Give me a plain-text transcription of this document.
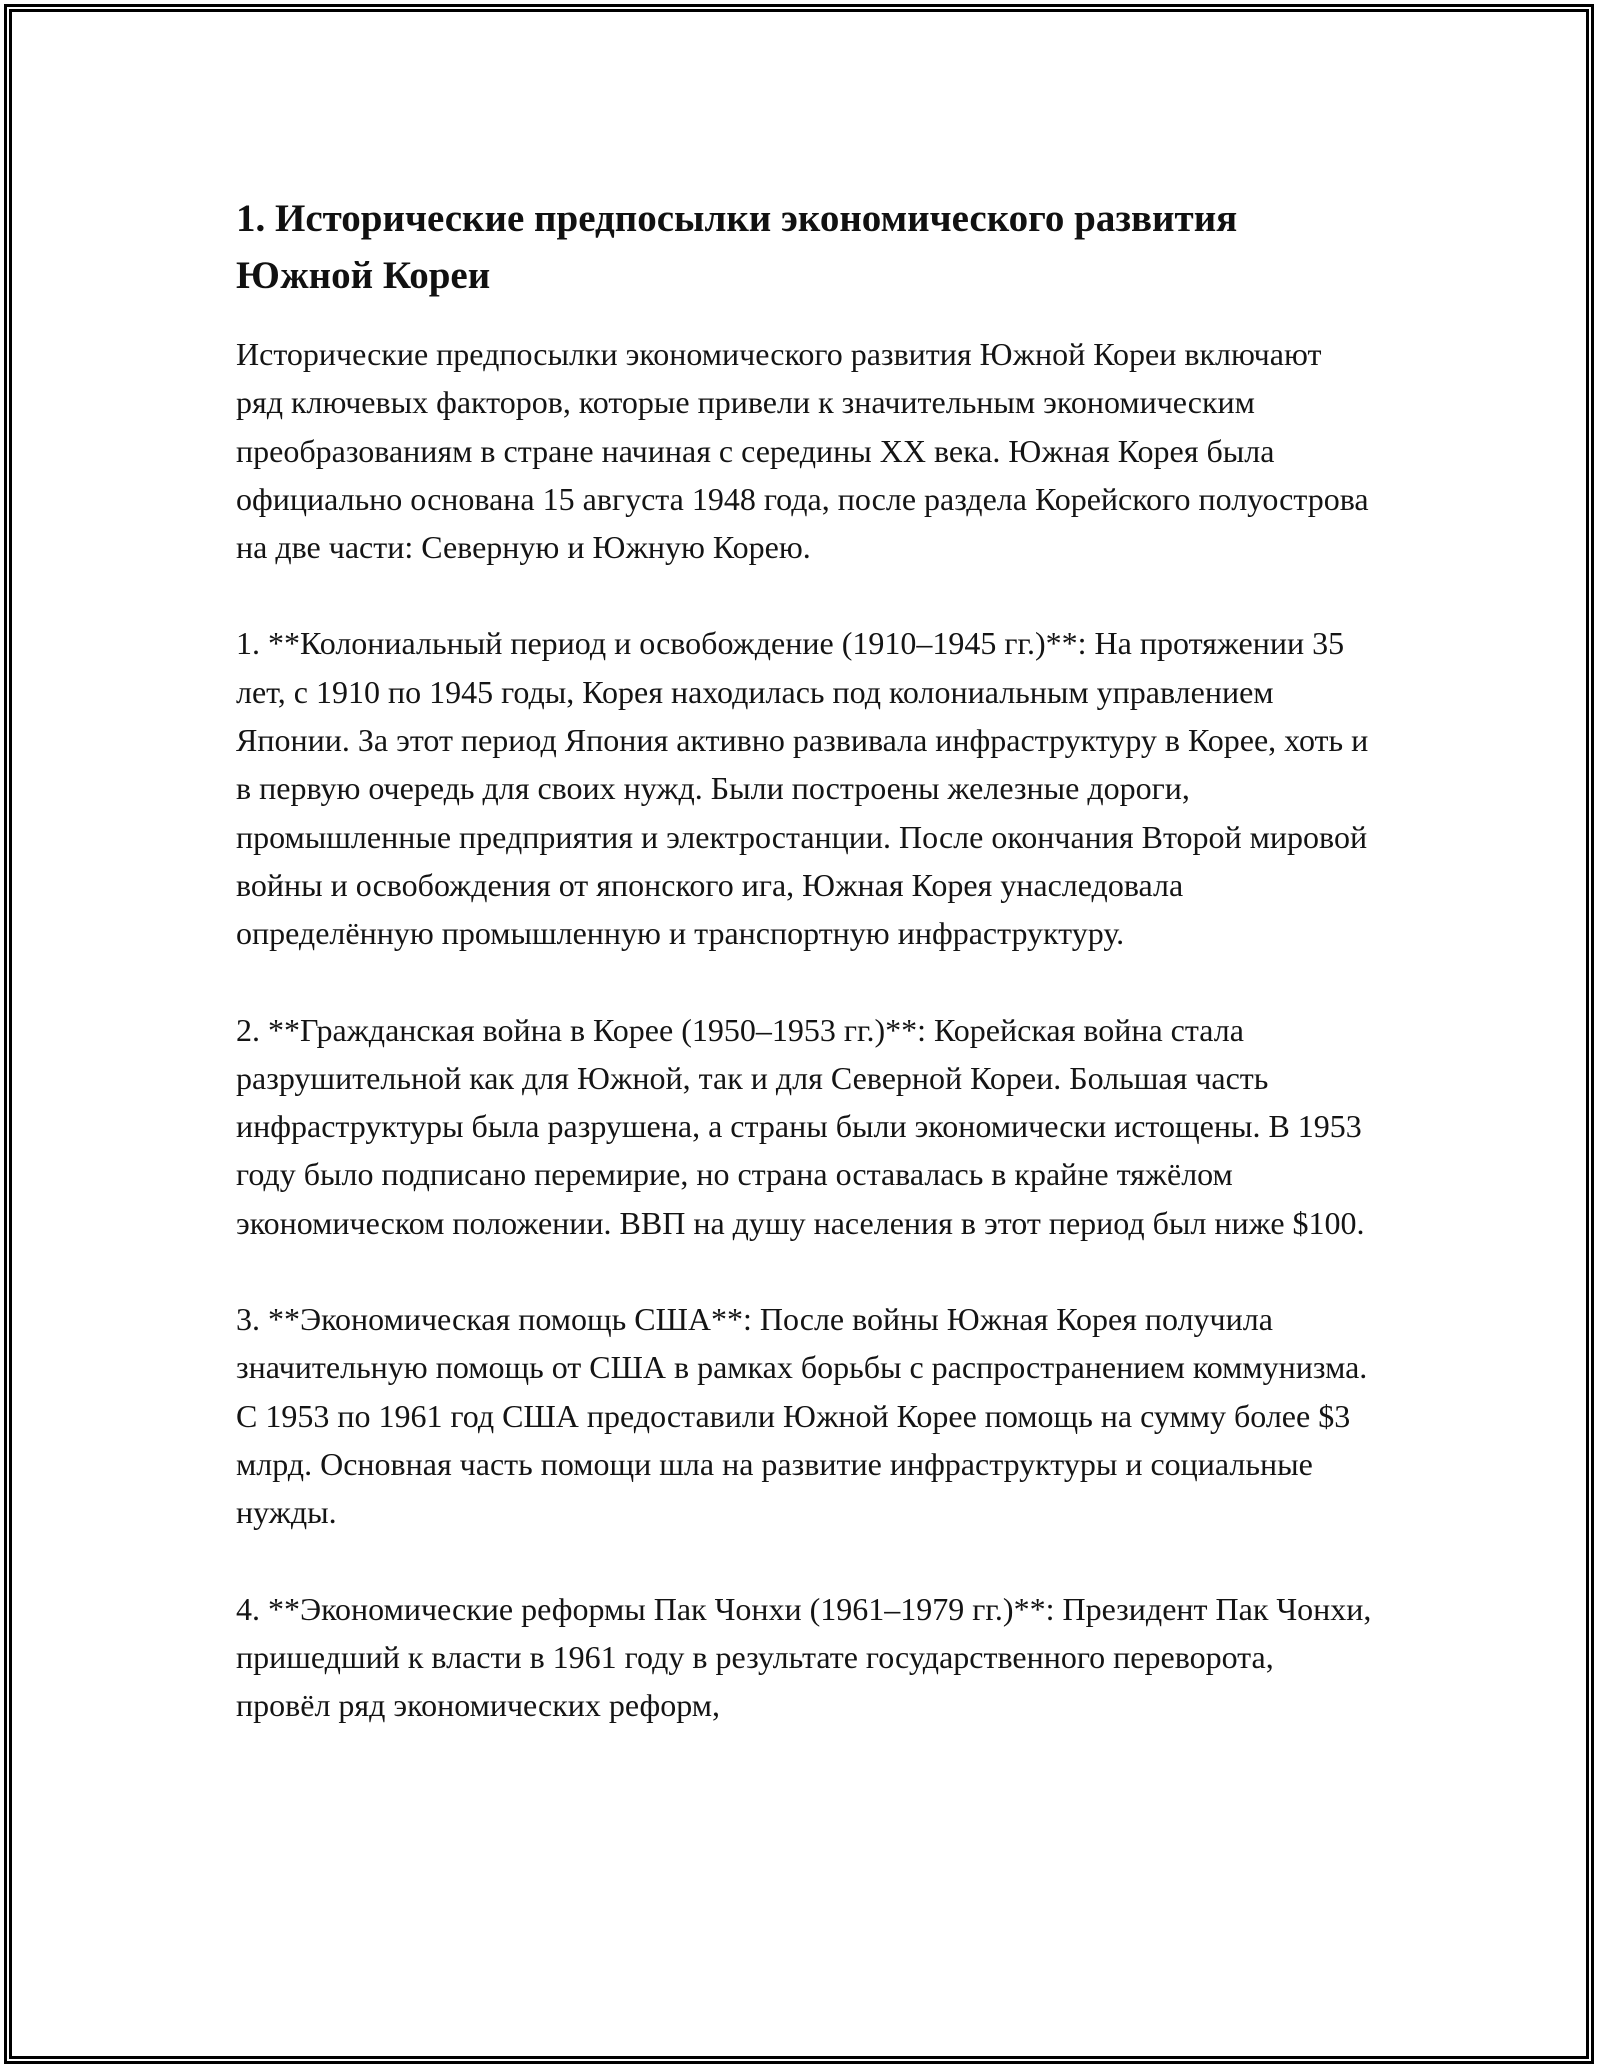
1. Исторические предпосылки экономического развития Южной Кореи

Исторические предпосылки экономического развития Южной Кореи включают ряд ключевых факторов, которые привели к значительным экономическим преобразованиям в стране начиная с середины XX века. Южная Корея была официально основана 15 августа 1948 года, после раздела Корейского полуострова на две части: Северную и Южную Корею.

1. **Колониальный период и освобождение (1910–1945 гг.)**: На протяжении 35 лет, с 1910 по 1945 годы, Корея находилась под колониальным управлением Японии. За этот период Япония активно развивала инфраструктуру в Корее, хоть и в первую очередь для своих нужд. Были построены железные дороги, промышленные предприятия и электростанции. После окончания Второй мировой войны и освобождения от японского ига, Южная Корея унаследовала определённую промышленную и транспортную инфраструктуру.

2. **Гражданская война в Корее (1950–1953 гг.)**: Корейская война стала разрушительной как для Южной, так и для Северной Кореи. Большая часть инфраструктуры была разрушена, а страны были экономически истощены. В 1953 году было подписано перемирие, но страна оставалась в крайне тяжёлом экономическом положении. ВВП на душу населения в этот период был ниже $100.

3. **Экономическая помощь США**: После войны Южная Корея получила значительную помощь от США в рамках борьбы с распространением коммунизма. С 1953 по 1961 год США предоставили Южной Корее помощь на сумму более $3 млрд. Основная часть помощи шла на развитие инфраструктуры и социальные нужды.

4. **Экономические реформы Пак Чонхи (1961–1979 гг.)**: Президент Пак Чонхи, пришедший к власти в 1961 году в результате государственного переворота, провёл ряд экономических реформ,
